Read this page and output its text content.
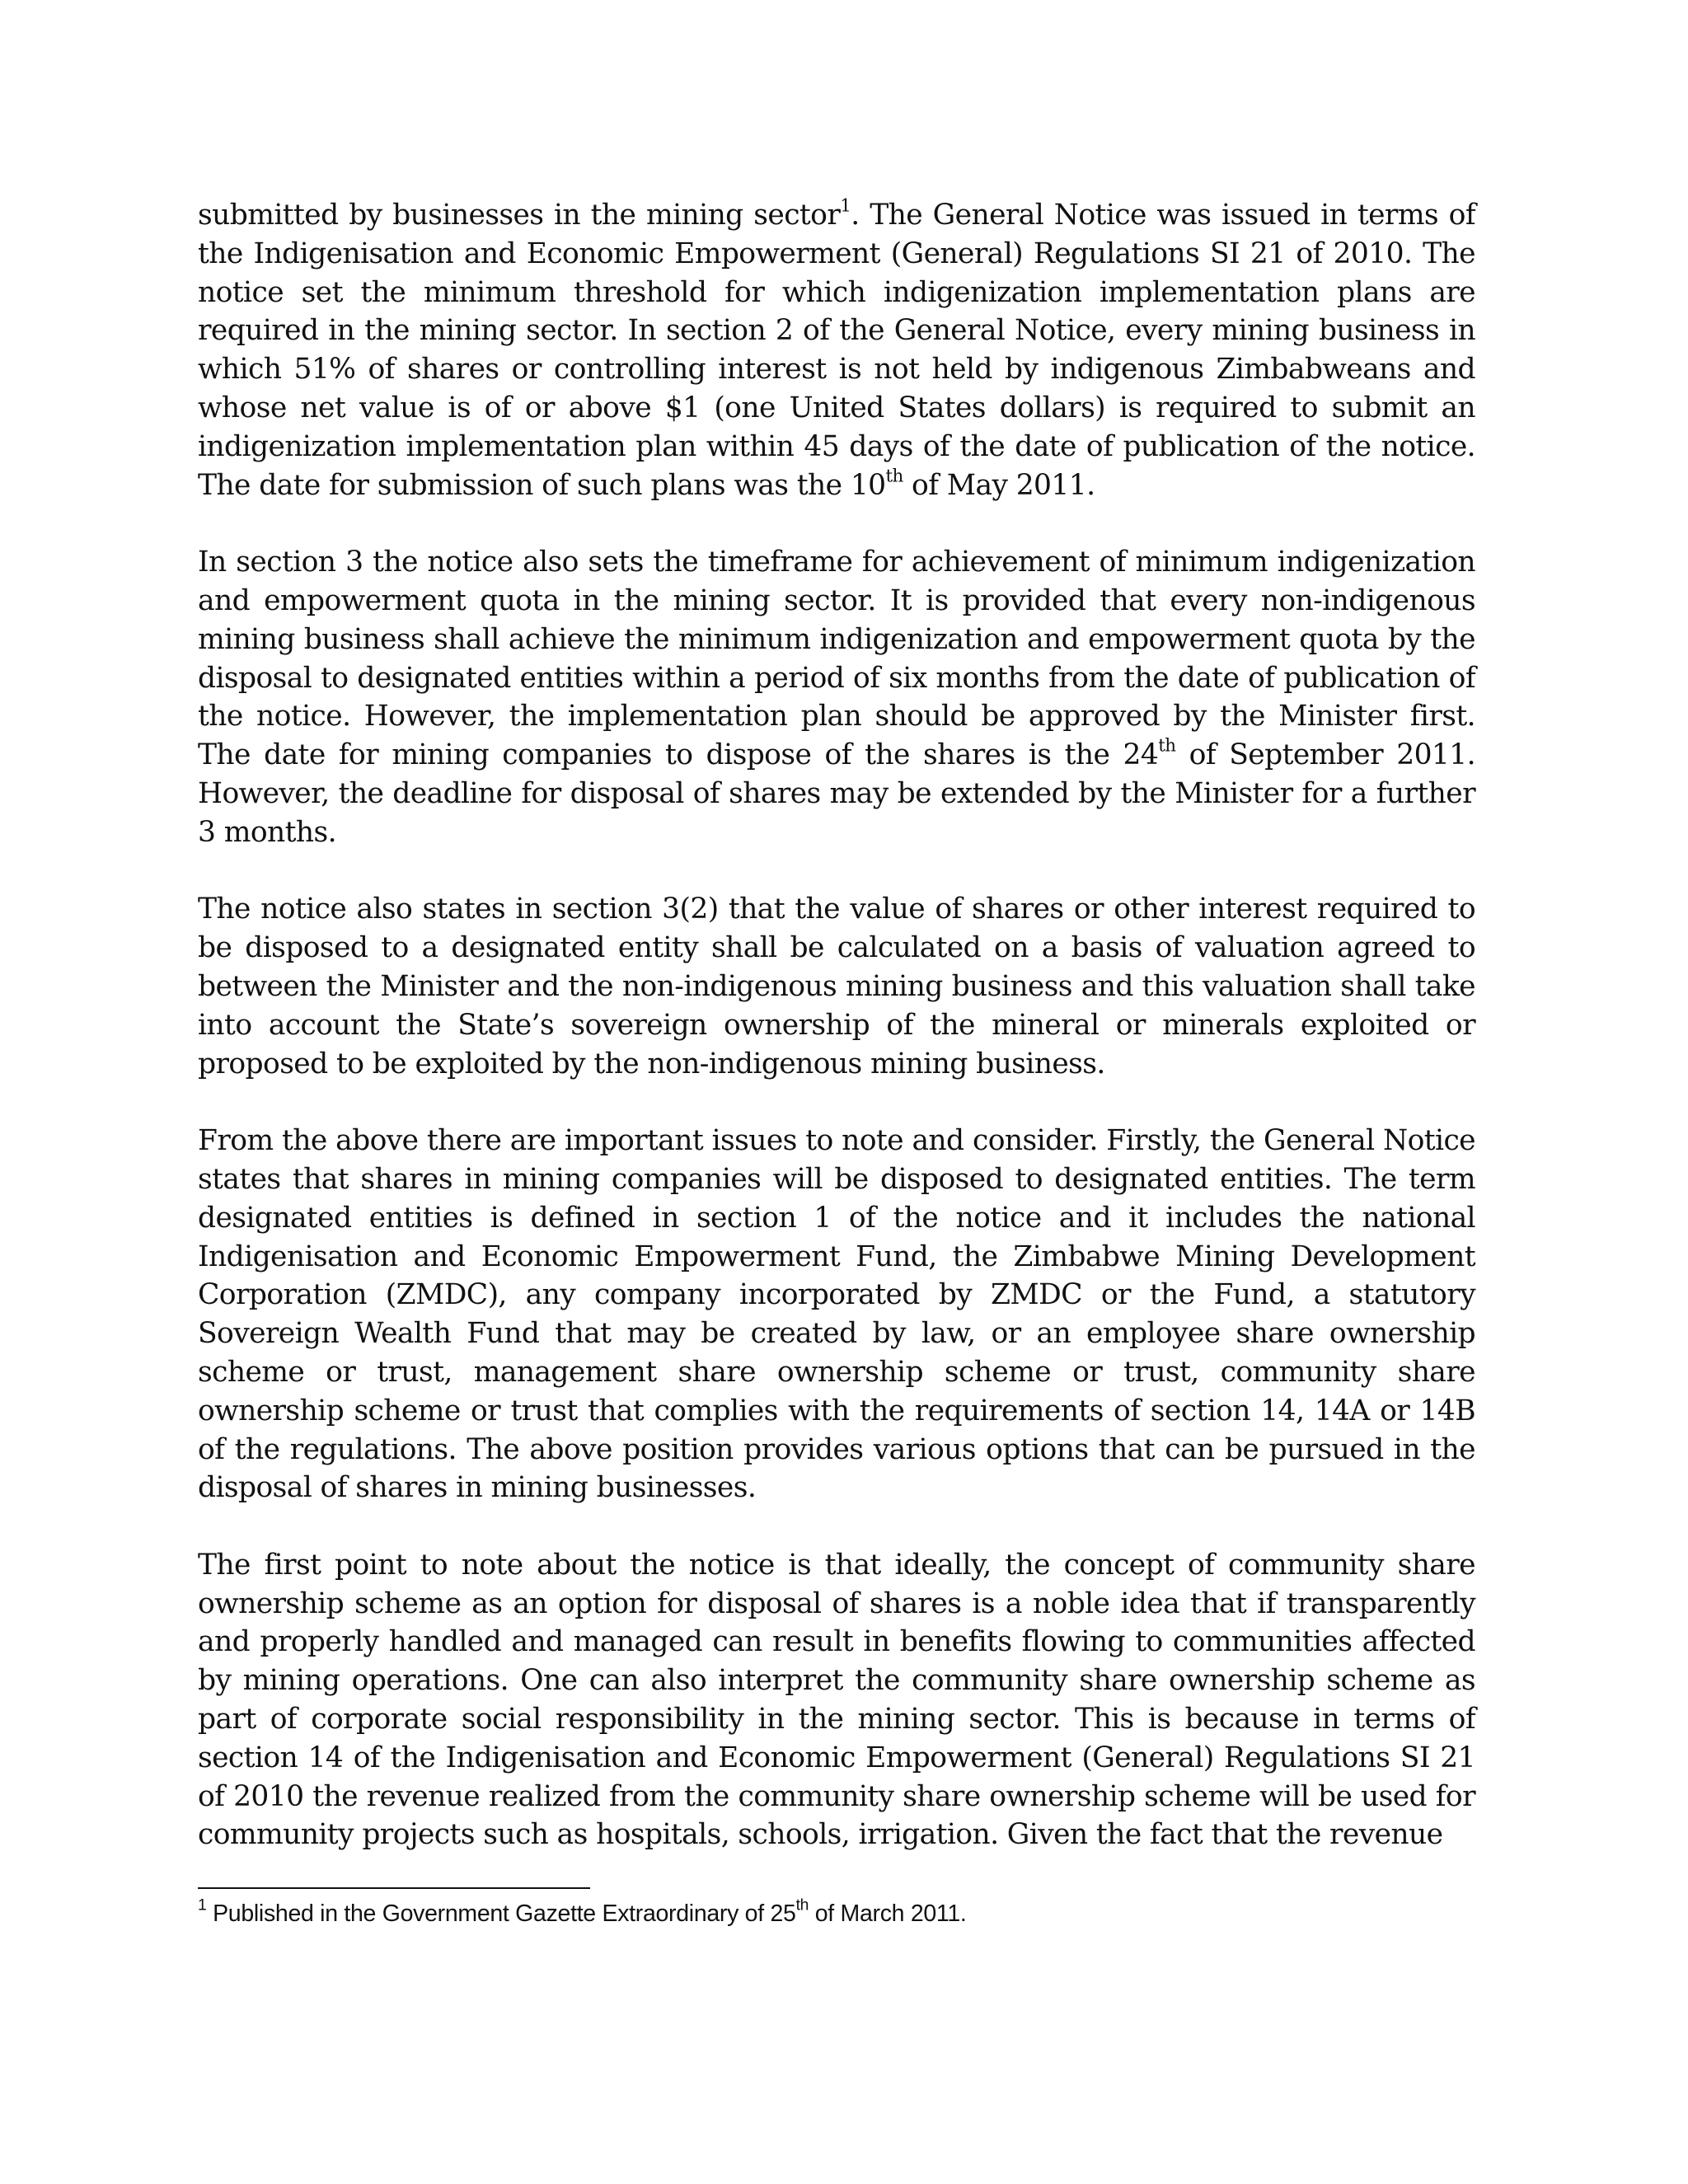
submitted by businesses in the mining sector$^1$. The General Notice was issued in terms of the Indigenisation and Economic Empowerment (General) Regulations SI 21 of 2010. The notice set the minimum threshold for which indigenization implementation plans are required in the mining sector. In section 2 of the General Notice, every mining business in which 51% of shares or controlling interest is not held by indigenous Zimbabweans and whose net value is of or above $1 (one United States dollars) is required to submit an indigenization implementation plan within 45 days of the date of publication of the notice. The date for submission of such plans was the 10th of May 2011.

In section 3 the notice also sets the timeframe for achievement of minimum indigenization and empowerment quota in the mining sector. It is provided that every non-indigenous mining business shall achieve the minimum indigenization and empowerment quota by the disposal to designated entities within a period of six months from the date of publication of the notice. However, the implementation plan should be approved by the Minister first. The date for mining companies to dispose of the shares is the 24th of September 2011. However, the deadline for disposal of shares may be extended by the Minister for a further 3 months.

The notice also states in section 3(2) that the value of shares or other interest required to be disposed to a designated entity shall be calculated on a basis of valuation agreed to between the Minister and the non-indigenous mining business and this valuation shall take into account the State’s sovereign ownership of the mineral or minerals exploited or proposed to be exploited by the non-indigenous mining business.

From the above there are important issues to note and consider. Firstly, the General Notice states that shares in mining companies will be disposed to designated entities. The term designated entities is defined in section 1 of the notice and it includes the national Indigenisation and Economic Empowerment Fund, the Zimbabwe Mining Development Corporation (ZMDC), any company incorporated by ZMDC or the Fund, a statutory Sovereign Wealth Fund that may be created by law, or an employee share ownership scheme or trust, management share ownership scheme or trust, community share ownership scheme or trust that complies with the requirements of section 14, 14A or 14B of the regulations. The above position provides various options that can be pursued in the disposal of shares in mining businesses.

The first point to note about the notice is that ideally, the concept of community share ownership scheme as an option for disposal of shares is a noble idea that if transparently and properly handled and managed can result in benefits flowing to communities affected by mining operations. One can also interpret the community share ownership scheme as part of corporate social responsibility in the mining sector. This is because in terms of section 14 of the Indigenisation and Economic Empowerment (General) Regulations SI 21 of 2010 the revenue realized from the community share ownership scheme will be used for community projects such as hospitals, schools, irrigation. Given the fact that the revenue

$^1$ Published in the Government Gazette Extraordinary of 25th of March 2011.
